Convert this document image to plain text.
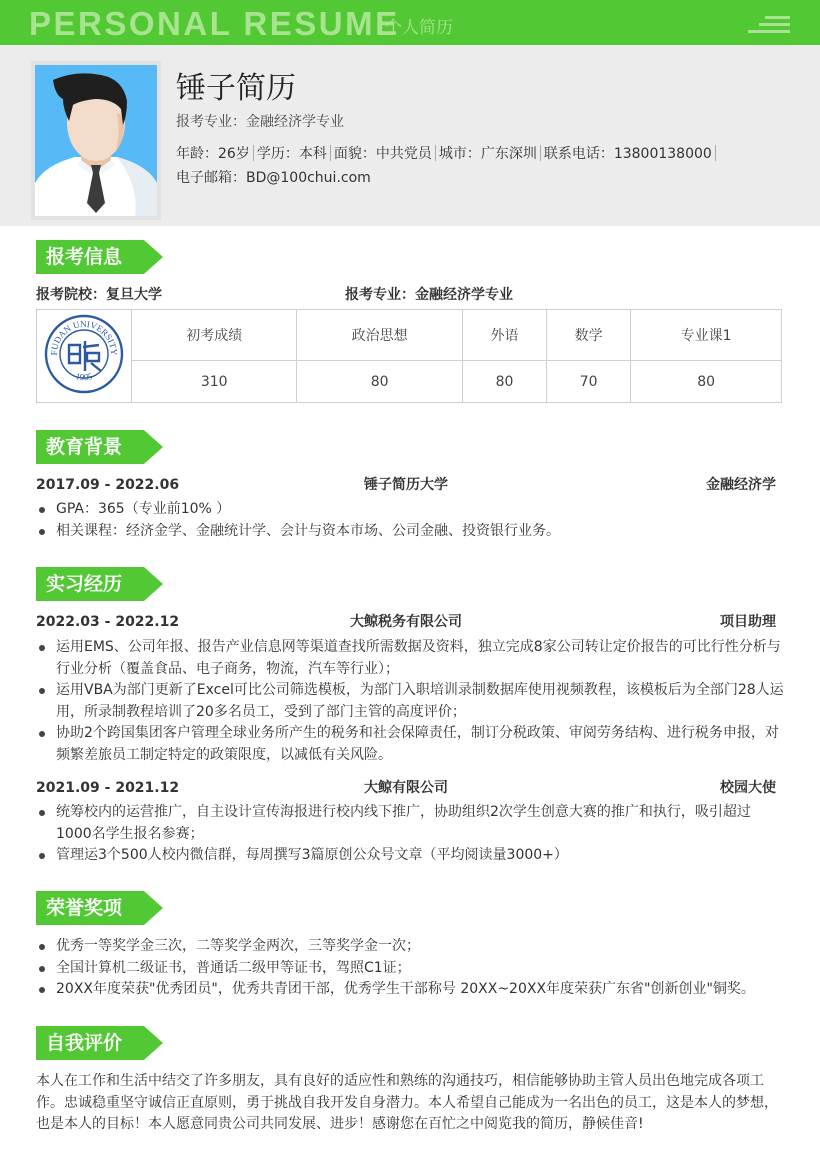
PERSONAL RESUME
个人简历
锤子简历
报考专业：金融经济学专业
年龄：26岁 学历：本科 面貌：中共党员 城市：广东深圳 联系电话：13800138000
电子邮箱：BD@100chui.com
报考信息
报考院校：复旦大学	报考专业：金融经济学专业
FUDAN UNIVERSITY
1905	初考成绩	政治思想	外语	数学	专业课1
	310	80	80	70	80
教育背景
2017.09 - 2022.06	锤子简历大学	金融经济学
GPA：365（专业前10% ）
相关课程：经济金学、金融统计学、会计与资本市场、公司金融、投资银行业务。
实习经历
2022.03 - 2022.12	大鲸税务有限公司	项目助理
运用EMS、公司年报、报告产业信息网等渠道查找所需数据及资料，独立完成8家公司转让定价报告的可比行性分析与行业分析（覆盖食品、电子商务，物流，汽车等行业）；
运用VBA为部门更新了Excel可比公司筛选模板，为部门入职培训录制数据库使用视频教程，该模板后为全部门28人运用，所录制教程培训了20多名员工，受到了部门主管的高度评价；
协助2个跨国集团客户管理全球业务所产生的税务和社会保障责任，制订分税政策、审阅劳务结构、进行税务申报，对频繁差旅员工制定特定的政策限度，以减低有关风险。
2021.09 - 2021.12	大鲸有限公司	校园大使
统筹校内的运营推广，自主设计宣传海报进行校内线下推广，协助组织2次学生创意大赛的推广和执行，吸引超过1000名学生报名参赛；
管理运3个500人校内微信群，每周撰写3篇原创公众号文章（平均阅读量3000+）
荣誉奖项
优秀一等奖学金三次，二等奖学金两次，三等奖学金一次；
全国计算机二级证书，普通话二级甲等证书，驾照C1证；
20XX年度荣获"优秀团员"，优秀共青团干部，优秀学生干部称号 20XX~20XX年度荣获广东省"创新创业"铜奖。
自我评价
本人在工作和生活中结交了许多朋友，具有良好的适应性和熟练的沟通技巧，相信能够协助主管人员出色地完成各项工作。忠诚稳重坚守诚信正直原则，勇于挑战自我开发自身潜力。本人希望自己能成为一名出色的员工，这是本人的梦想，也是本人的目标！本人愿意同贵公司共同发展、进步！感谢您在百忙之中阅览我的简历，静候佳音!
